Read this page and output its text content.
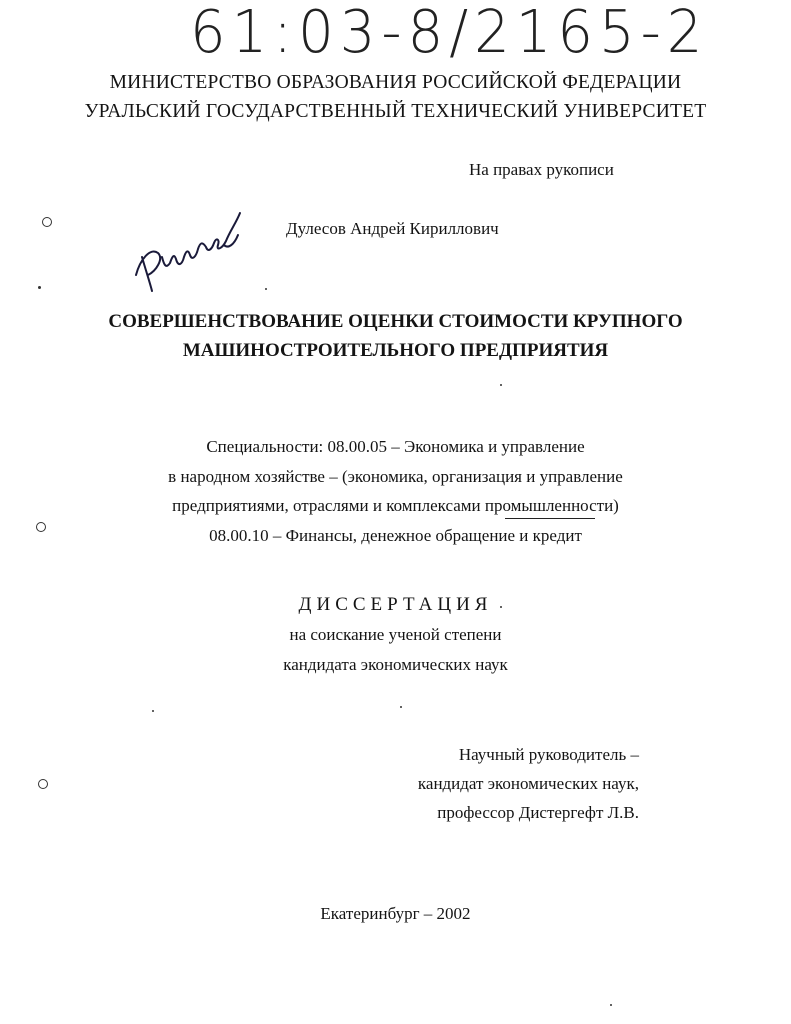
61:03-8/2165-2
МИНИСТЕРСТВО ОБРАЗОВАНИЯ РОССИЙСКОЙ ФЕДЕРАЦИИ
УРАЛЬСКИЙ ГОСУДАРСТВЕННЫЙ ТЕХНИЧЕСКИЙ УНИВЕРСИТЕТ
На правах рукописи
Дулесов Андрей Кириллович
СОВЕРШЕНСТВОВАНИЕ ОЦЕНКИ СТОИМОСТИ КРУПНОГО
МАШИНОСТРОИТЕЛЬНОГО ПРЕДПРИЯТИЯ
Специальности: 08.00.05 – Экономика и управление
в народном хозяйстве – (экономика, организация и управление
предприятиями, отраслями и комплексами промышленности)
08.00.10 – Финансы, денежное обращение и кредит
ДИССЕРТАЦИЯ
на соискание ученой степени
кандидата экономических наук
Научный руководитель –
кандидат экономических наук,
профессор Дистергефт Л.В.
Екатеринбург – 2002
